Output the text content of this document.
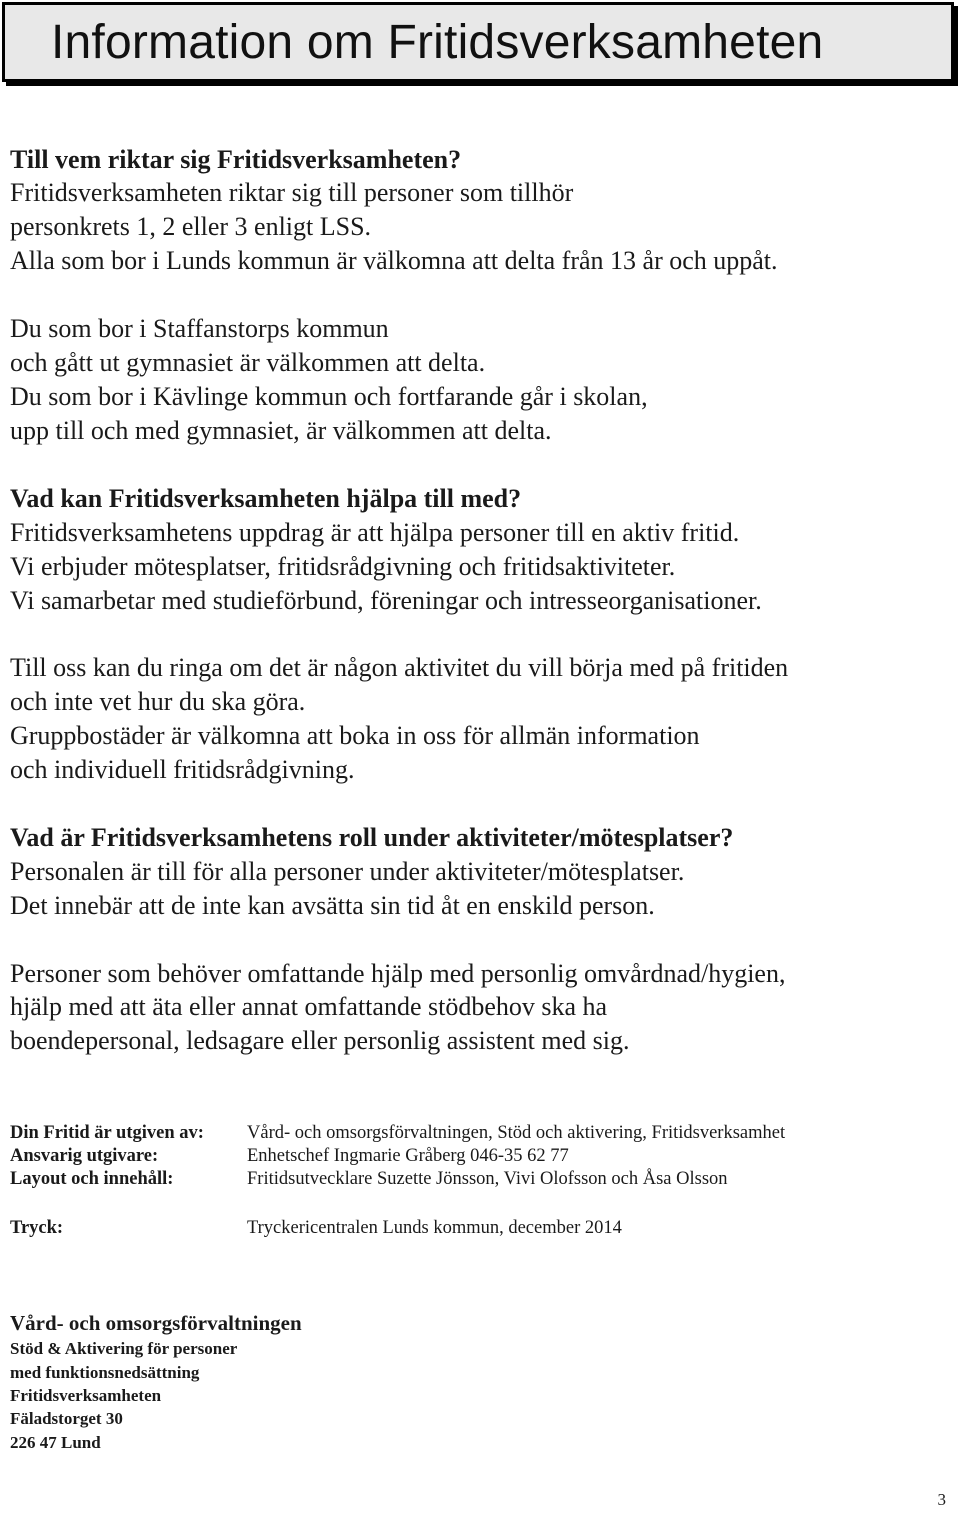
Information om Fritidsverksamheten
Till vem riktar sig Fritidsverksamheten?
Fritidsverksamheten riktar sig till personer som tillhör
personkrets 1, 2 eller 3 enligt LSS.
Alla som bor i Lunds kommun är välkomna att delta från 13 år och uppåt.
Du som bor i Staffanstorps kommun
och gått ut gymnasiet är välkommen att delta.
Du som bor i Kävlinge kommun och fortfarande går i skolan,
upp till och med gymnasiet, är välkommen att delta.
Vad kan Fritidsverksamheten hjälpa till med?
Fritidsverksamhetens uppdrag är att hjälpa personer till en aktiv fritid.
Vi erbjuder mötesplatser, fritidsrådgivning och fritidsaktiviteter.
Vi samarbetar med studieförbund, föreningar och intresseorganisationer.
Till oss kan du ringa om det är någon aktivitet du vill börja med på fritiden
och inte vet hur du ska göra.
Gruppbostäder är välkomna att boka in oss för allmän information
och individuell fritidsrådgivning.
Vad är Fritidsverksamhetens roll under aktiviteter/mötesplatser?
Personalen är till för alla personer under aktiviteter/mötesplatser.
Det innebär att de inte kan avsätta sin tid åt en enskild person.
Personer som behöver omfattande hjälp med personlig omvårdnad/hygien,
hjälp med att äta eller annat omfattande stödbehov ska ha
boendepersonal, ledsagare eller personlig assistent med sig.
Din Fritid är utgiven av: Vård- och omsorgsförvaltningen, Stöd och aktivering, Fritidsverksamhet
Ansvarig utgivare:	Enhetschef Ingmarie Gråberg 046-35 62 77
Layout och innehåll:	Fritidsutvecklare Suzette Jönsson, Vivi Olofsson och Åsa Olsson
Tryck:	Tryckericentralen Lunds kommun, december 2014
Vård- och omsorgsförvaltningen
Stöd & Aktivering för personer
med funktionsnedsättning
Fritidsverksamheten
Fäladstorget 30
226 47 Lund
3
